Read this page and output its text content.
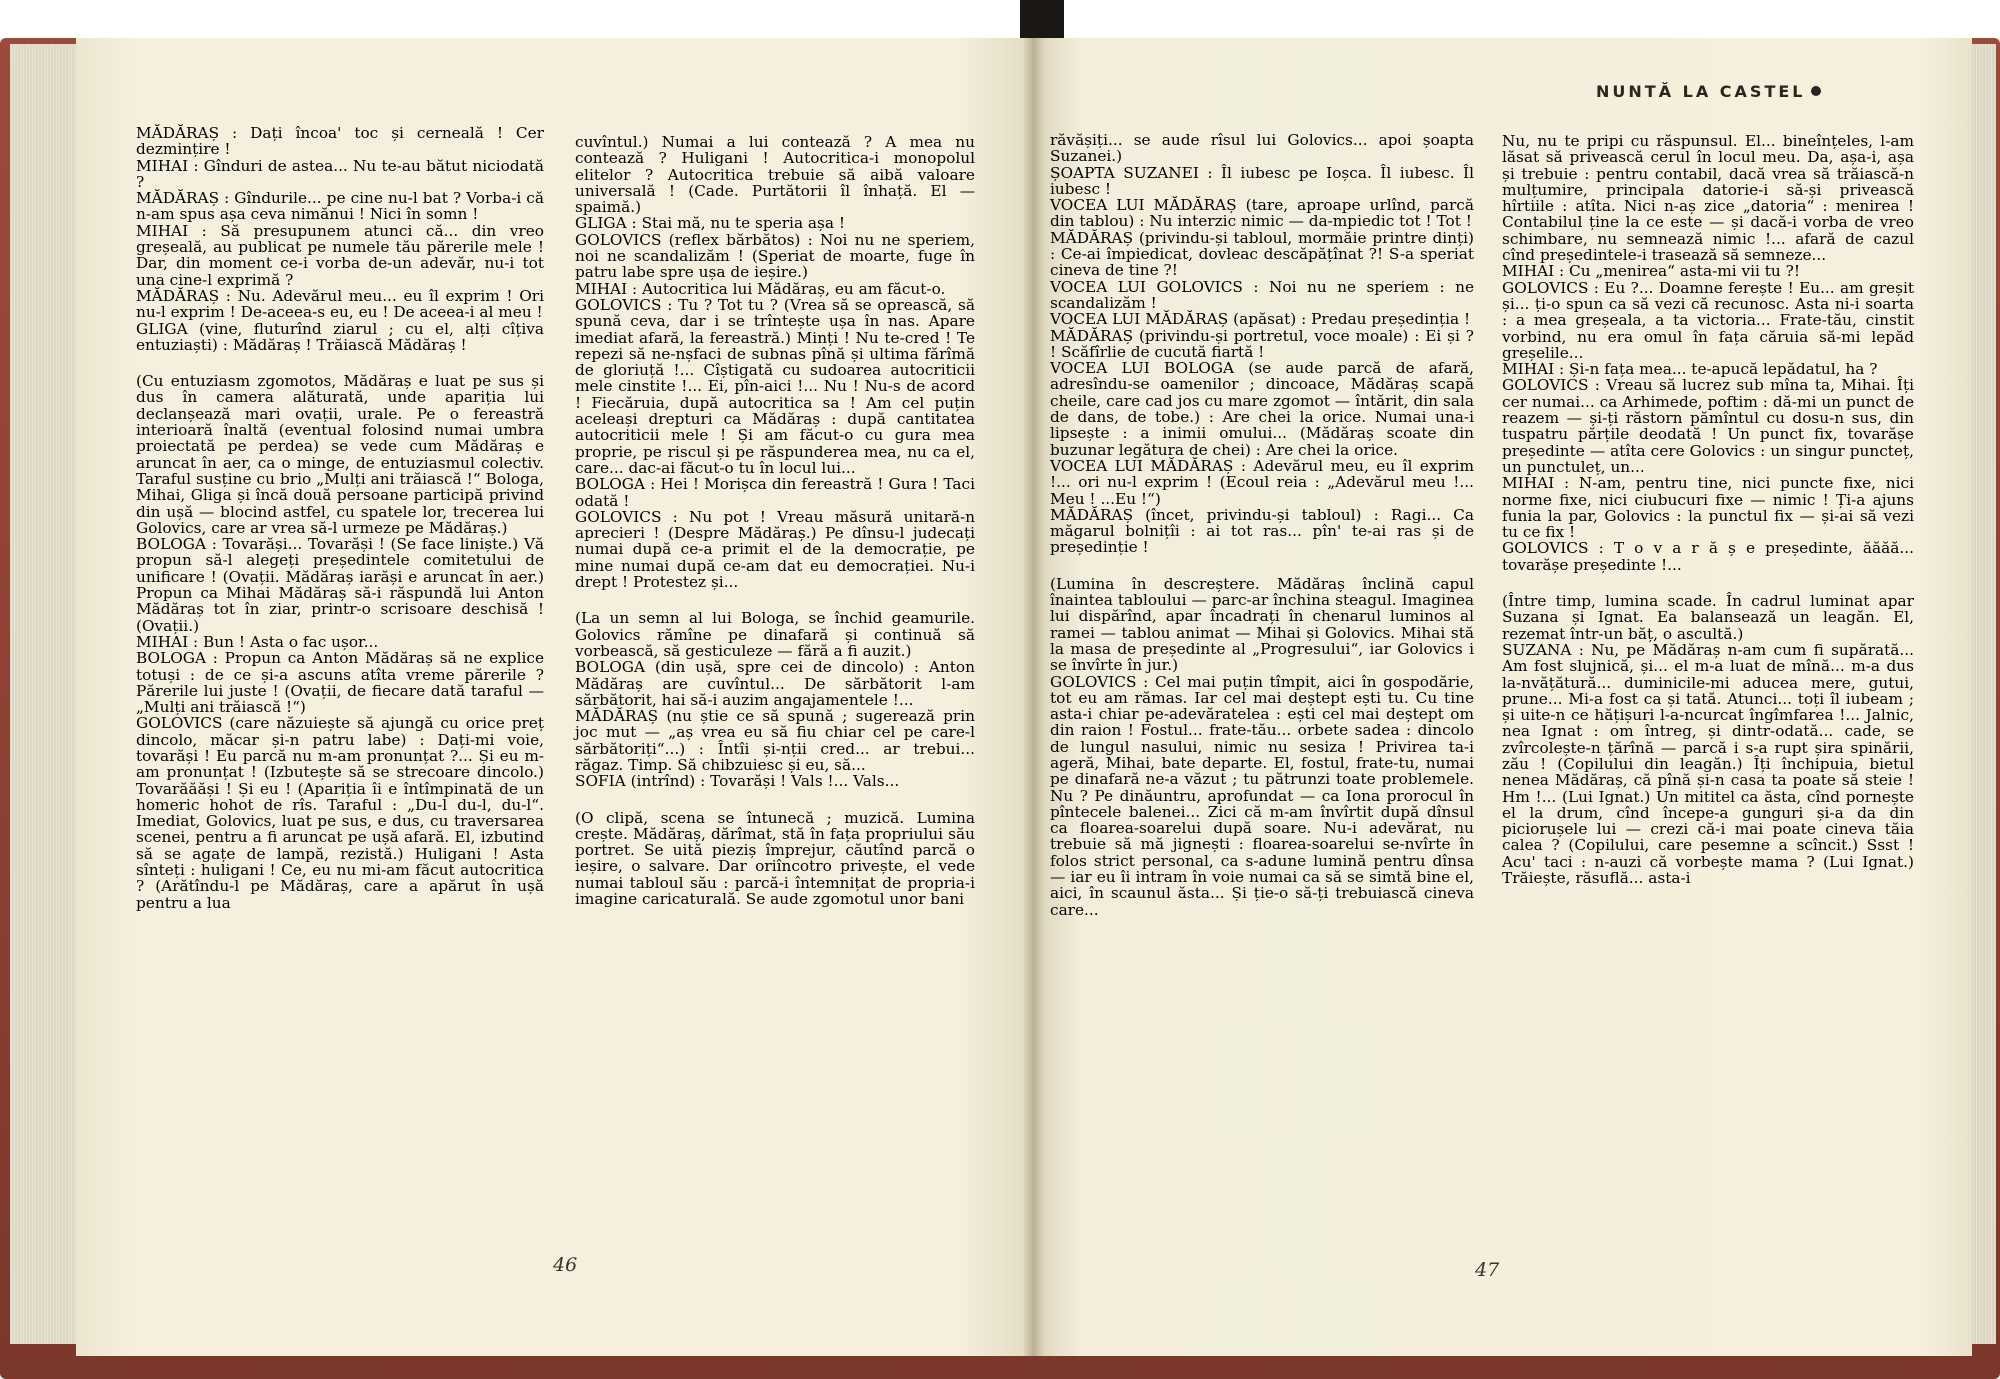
NUNTĂ LA CASTEL

MĂDĂRAȘ : Dați încoa' toc și cerneală ! Cer dezmințire !

MIHAI : Gînduri de astea... Nu te-au bătut niciodată ?

MĂDĂRAȘ : Gîndurile... pe cine nu-l bat ? Vorba-i că n-am spus așa ceva nimănui ! Nici în somn !

MIHAI : Să presupunem atunci că... din vreo greșeală, au publicat pe numele tău părerile mele ! Dar, din moment ce-i vorba de-un adevăr, nu-i tot una cine-l exprimă ?

MĂDĂRAȘ : Nu. Adevărul meu... eu îl exprim ! Ori nu-l exprim ! De-aceea-s eu, eu ! De aceea-i al meu !

GLIGA (vine, fluturînd ziarul ; cu el, alți cîțiva entuziaști) : Mădăraș ! Trăiască Mădăraș !

(Cu entuziasm zgomotos, Mădăraș e luat pe sus și dus în camera alăturată, unde apariția lui declanșează mari ovații, urale. Pe o fereastră interioară înaltă (eventual folosind numai umbra proiectată pe perdea) se vede cum Mădăraș e aruncat în aer, ca o minge, de entuziasmul colectiv. Taraful susține cu brio „Mulți ani trăiască !“ Bologa, Mihai, Gliga și încă două persoane participă privind din ușă — blocind astfel, cu spatele lor, trecerea lui Golovics, care ar vrea să-l urmeze pe Mădăraș.)

BOLOGA : Tovarăși... Tovarăși ! (Se face liniște.) Vă propun să-l alegeți președintele comitetului de unificare ! (Ovații. Mădăraș iarăși e aruncat în aer.) Propun ca Mihai Mădăraș să-i răspundă lui Anton Mădăraș tot în ziar, printr-o scrisoare deschisă ! (Ovații.)

MIHAI : Bun ! Asta o fac ușor...

BOLOGA : Propun ca Anton Mădăraș să ne explice totuși : de ce și-a ascuns atîta vreme părerile ? Părerile lui juste ! (Ovații, de fiecare dată taraful — „Mulți ani trăiască !“)

GOLOVICS (care năzuiește să ajungă cu orice preț dincolo, măcar și-n patru labe) : Dați-mi voie, tovarăși ! Eu parcă nu m-am pronunțat ?... Și eu m-am pronunțat ! (Izbutește să se strecoare dincolo.) Tovarăăăși ! Și eu ! (Apariția îi e întîmpinată de un homeric hohot de rîs. Taraful : „Du-l du-l, du-l“. Imediat, Golovics, luat pe sus, e dus, cu traversarea scenei, pentru a fi aruncat pe ușă afară. El, izbutind să se agațe de lampă, rezistă.) Huligani ! Asta sînteți : huligani ! Ce, eu nu mi-am făcut autocritica ? (Arătîndu-l pe Mădăraș, care a apărut în ușă pentru a lua

cuvîntul.) Numai a lui contează ? A mea nu contează ? Huligani ! Autocritica-i monopolul elitelor ? Autocritica trebuie să aibă valoare universală ! (Cade. Purtătorii îl înhață. El — spaimă.)

GLIGA : Stai mă, nu te speria așa !

GOLOVICS (reflex bărbătos) : Noi nu ne speriem, noi ne scandalizăm ! (Speriat de moarte, fuge în patru labe spre ușa de ieșire.)

MIHAI : Autocritica lui Mădăraș, eu am făcut-o.

GOLOVICS : Tu ? Tot tu ? (Vrea să se oprească, să spună ceva, dar i se trîntește ușa în nas. Apare imediat afară, la fereastră.) Minți ! Nu te-cred ! Te repezi să ne-nșfaci de subnas pînă și ultima fărîmă de gloriuță !... Cîștigată cu sudoarea autocriticii mele cinstite !... Ei, pîn-aici !... Nu ! Nu-s de acord ! Fiecăruia, după autocritica sa ! Am cel puțin aceleași drepturi ca Mădăraș : după cantitatea autocriticii mele ! Și am făcut-o cu gura mea proprie, pe riscul și pe răspunderea mea, nu ca el, care... dac-ai făcut-o tu în locul lui...

BOLOGA : Hei ! Morișca din fereastră ! Gura ! Taci odată !

GOLOVICS : Nu pot ! Vreau măsură unitară-n aprecieri ! (Despre Mădăraș.) Pe dînsu-l judecați numai după ce-a primit el de la democrație, pe mine numai după ce-am dat eu democrației. Nu-i drept ! Protestez și...

(La un semn al lui Bologa, se închid geamurile. Golovics rămîne pe dinafară și continuă să vorbească, să gesticuleze — fără a fi auzit.)

BOLOGA (din ușă, spre cei de dincolo) : Anton Mădăraș are cuvîntul... De sărbătorit l-am sărbătorit, hai să-i auzim angajamentele !...

MĂDĂRAȘ (nu știe ce să spună ; sugerează prin joc mut — „aș vrea eu să fiu chiar cel pe care-l sărbătoriți“...) : Întîi și-nții cred... ar trebui... răgaz. Timp. Să chibzuiesc și eu, să...

SOFIA (intrînd) : Tovarăși ! Vals !... Vals...

(O clipă, scena se întunecă ; muzică. Lumina crește. Mădăraș, dărîmat, stă în fața propriului său portret. Se uită pieziș împrejur, căutînd parcă o ieșire, o salvare. Dar oriîncotro privește, el vede numai tabloul său : parcă-i întemnițat de propria-i imagine caricaturală. Se aude zgomotul unor bani

răvășiți... se aude rîsul lui Golovics... apoi șoapta Suzanei.)

ȘOAPTA SUZANEI : Îl iubesc pe Ioșca. Îl iubesc. Îl iubesc !

VOCEA LUI MĂDĂRAȘ (tare, aproape urlînd, parcă din tablou) : Nu interzic nimic — da-mpiedic tot ! Tot !

MĂDĂRAȘ (privindu-și tabloul, mormăie printre dinți) : Ce-ai împiedicat, dovleac descăpățînat ?! S-a speriat cineva de tine ?!

VOCEA LUI GOLOVICS : Noi nu ne speriem : ne scandalizăm !

VOCEA LUI MĂDĂRAȘ (apăsat) : Predau președinția !

MĂDĂRAȘ (privindu-și portretul, voce moale) : Ei și ? ! Scăfîrlie de cucută fiartă !

VOCEA LUI BOLOGA (se aude parcă de afară, adresîndu-se oamenilor ; dincoace, Mădăraș scapă cheile, care cad jos cu mare zgomot — întărit, din sala de dans, de tobe.) : Are chei la orice. Numai una-i lipsește : a inimii omului... (Mădăraș scoate din buzunar legătura de chei) : Are chei la orice.

VOCEA LUI MĂDĂRAȘ : Adevărul meu, eu îl exprim !... ori nu-l exprim ! (Ecoul reia : „Adevărul meu !... Meu ! ...Eu !“)

MĂDĂRAȘ (încet, privindu-și tabloul) : Ragi... Ca măgarul bolnițîi : ai tot ras... pîn' te-ai ras și de președinție !

(Lumina în descreștere. Mădăraș înclină capul înaintea tabloului — parc-ar închina steagul. Imaginea lui dispărînd, apar încadrați în chenarul luminos al ramei — tablou animat — Mihai și Golovics. Mihai stă la masa de președinte al „Progresului“, iar Golovics i se învîrte în jur.)

GOLOVICS : Cel mai puțin tîmpit, aici în gospodărie, tot eu am rămas. Iar cel mai deștept ești tu. Cu tine asta-i chiar pe-adevăratelea : ești cel mai deștept om din raion ! Fostul... frate-tău... orbete sadea : dincolo de lungul nasului, nimic nu sesiza ! Privirea ta-i ageră, Mihai, bate departe. El, fostul, frate-tu, numai pe dinafară ne-a văzut ; tu pătrunzi toate problemele. Nu ? Pe dinăuntru, aprofundat — ca Iona prorocul în pîntecele balenei... Zici că m-am învîrtit după dînsul ca floarea-soarelui după soare. Nu-i adevărat, nu trebuie să mă jignești : floarea-soarelui se-nvîrte în folos strict personal, ca s-adune lumină pentru dînsa — iar eu îi intram în voie numai ca să se simtă bine el, aici, în scaunul ăsta... Și ție-o să-ți trebuiască cineva care...

Nu, nu te pripi cu răspunsul. El... bineînțeles, l-am lăsat să privească cerul în locul meu. Da, așa-i, așa și trebuie : pentru contabil, dacă vrea să trăiască-n mulțumire, principala datorie-i să-și privească hîrtiile : atîta. Nici n-aș zice „datoria“ : menirea ! Contabilul ține la ce este — și dacă-i vorba de vreo schimbare, nu semnează nimic !... afară de cazul cînd președintele-i trasează să semneze...

MIHAI : Cu „menirea“ asta-mi vii tu ?!

GOLOVICS : Eu ?... Doamne ferește ! Eu... am greșit și... ți-o spun ca să vezi că recunosc. Asta ni-i soarta : a mea greșeala, a ta victoria... Frate-tău, cinstit vorbind, nu era omul în fața căruia să-mi lepăd greșelile...

MIHAI : Și-n fața mea... te-apucă lepădatul, ha ?

GOLOVICS : Vreau să lucrez sub mîna ta, Mihai. Îți cer numai... ca Arhimede, poftim : dă-mi un punct de reazem — și-ți răstorn pămîntul cu dosu-n sus, din tuspatru părțile deodată ! Un punct fix, tovarășe președinte — atîta cere Golovics : un singur puncteț, un punctuleț, un...

MIHAI : N-am, pentru tine, nici puncte fixe, nici norme fixe, nici ciubucuri fixe — nimic ! Ți-a ajuns funia la par, Golovics : la punctul fix — și-ai să vezi tu ce fix !

GOLOVICS : T o v a r ă ș e președinte, ăăăă... tovarășe președinte !...

(Între timp, lumina scade. În cadrul luminat apar Suzana și Ignat. Ea balansează un leagăn. El, rezemat într-un băț, o ascultă.)

SUZANA : Nu, pe Mădăraș n-am cum fi supărată... Am fost slujnică, și... el m-a luat de mînă... m-a dus la-nvățătură... duminicile-mi aducea mere, gutui, prune... Mi-a fost ca și tată. Atunci... toți îl iubeam ; și uite-n ce hățișuri l-a-ncurcat îngîmfarea !... Jalnic, nea Ignat : om întreg, și dintr-odată... cade, se zvîrcolește-n țărînă — parcă i s-a rupt șira spinării, zău ! (Copilului din leagăn.) Îți închipuia, bietul nenea Mădăraș, că pînă și-n casa ta poate să steie ! Hm !... (Lui Ignat.) Un mititel ca ăsta, cînd pornește el la drum, cînd începe-a gunguri și-a da din piciorușele lui — crezi că-i mai poate cineva tăia calea ? (Copilului, care pesemne a scîncit.) Ssst ! Acu' taci : n-auzi că vorbește mama ? (Lui Ignat.) Trăiește, răsuflă... asta-i

46	47
